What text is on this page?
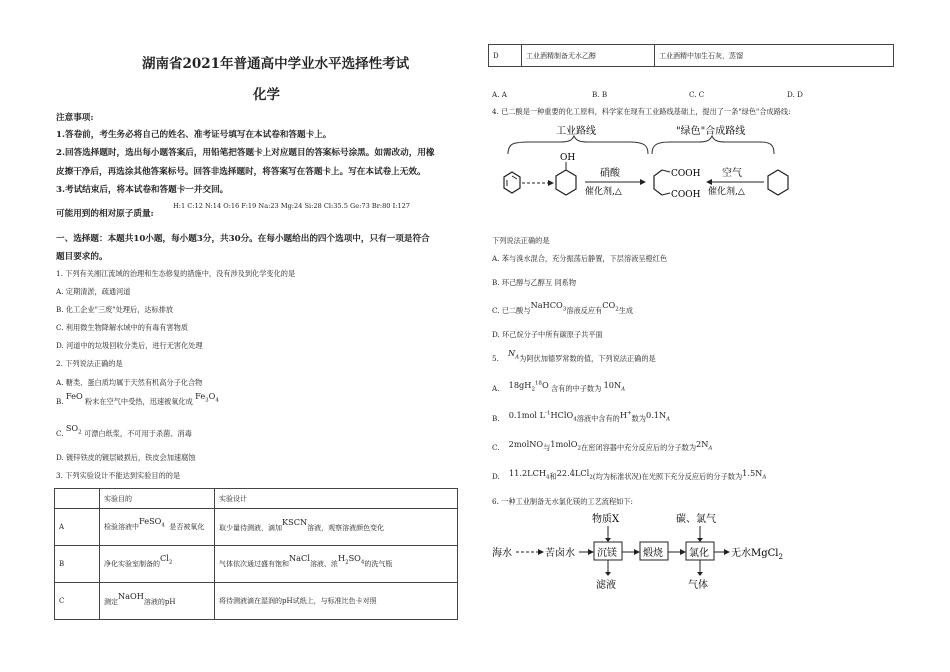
湖南省2021年普通高中学业水平选择性考试
化学
注意事项:
1.答卷前，考生务必将自己的姓名、准考证号填写在本试卷和答题卡上。
2.回答选择题时，选出每小题答案后，用铅笔把答题卡上对应题目的答案标号涂黑。如需改动，用橡
皮擦干净后，再选涂其他答案标号。回答非选择题时，将答案写在答题卡上。写在本试卷上无效。
3.考试结束后，将本试卷和答题卡一并交回。
可能用到的相对原子质量:
H:1 C:12 N:14 O:16 F:19 Na:23 Mg:24 Si:28 Cl:35.5 Ge:73 Br:80 I:127
一、选择题：本题共10小题，每小题3分，共30分。在每小题给出的四个选项中，只有一项是符合
题目要求的。
1. 下列有关湘江流域的治理和生态修复的措施中，没有涉及到化学变化的是
A. 定期清淤，疏通河道
B. 化工企业"三废"处理后，达标排放
C. 利用微生物降解水域中的有毒有害物质
D. 河道中的垃圾回收分类后，进行无害化处理
2. 下列说法正确的是
A. 糖类、蛋白质均属于天然有机高分子化合物
B. FeO 粉末在空气中受热，迅速被氧化成 $Fe_3O_4$
C. $SO_2$ 可漂白纸浆，不可用于杀菌、消毒
D. 镀锌铁皮的镀层破损后，铁皮会加速腐蚀
3. 下列实验设计不能达到实验目的的是
	实验目的	实验设计
A	检验溶液中FeSO$_4$ 是否被氧化	取少量待测液，滴加KSCN溶液，观察溶液颜色变化
B	净化实验室制备的$Cl_2$	气体依次通过盛有饱和NaCl溶液、浓$H_2SO_4$的洗气瓶
C	测定NaOH溶液的pH	将待测液滴在湿润的pH试纸上，与标准比色卡对照
D	工业酒精制备无水乙醇	工业酒精中加生石灰，蒸馏
A. A	B. B	C. C	D. D
4. 已二酸是一种重要的化工原料，科学家在现有工业路线基础上，提出了一条"绿色"合成路线:
工业路线	"绿色"合成路线
OH
硝酸
催化剂,△
COOH
COOH
空气
催化剂,△
下列说法正确的是
A. 苯与溴水混合，充分振荡后静置，下层溶液呈橙红色
B. 环己醇与乙醇互 同系物
C. 已二酸与NaHCO$_3$溶液反应有$CO_2$生成
D. 环己烷分子中所有碳原子共平面
5.    $N_A$为阿伏加德罗常数的值，下列说法正确的是
A. $18gH_2^{18}O$ 含有的中子数为 $10N_A$
B. 0.1mol $L^{-1}HClO_4$溶液中含有的H+数为$0.1N_A$
C. 2molNO与1molO$_2$在密闭容器中充分反应后的分子数为$2N_A$
D. $11.2LCH_4$和22.4LCl$_2$(均为标准状况)在光照下充分反应后的分子数为$1.5N_A$
6. 一种工业制备无水氯化镁的工艺流程如下:
物质X	碳、氯气
海水	苦卤水 沉镁	煅烧	氯化 无水MgCl$_2$
滤液	气体
